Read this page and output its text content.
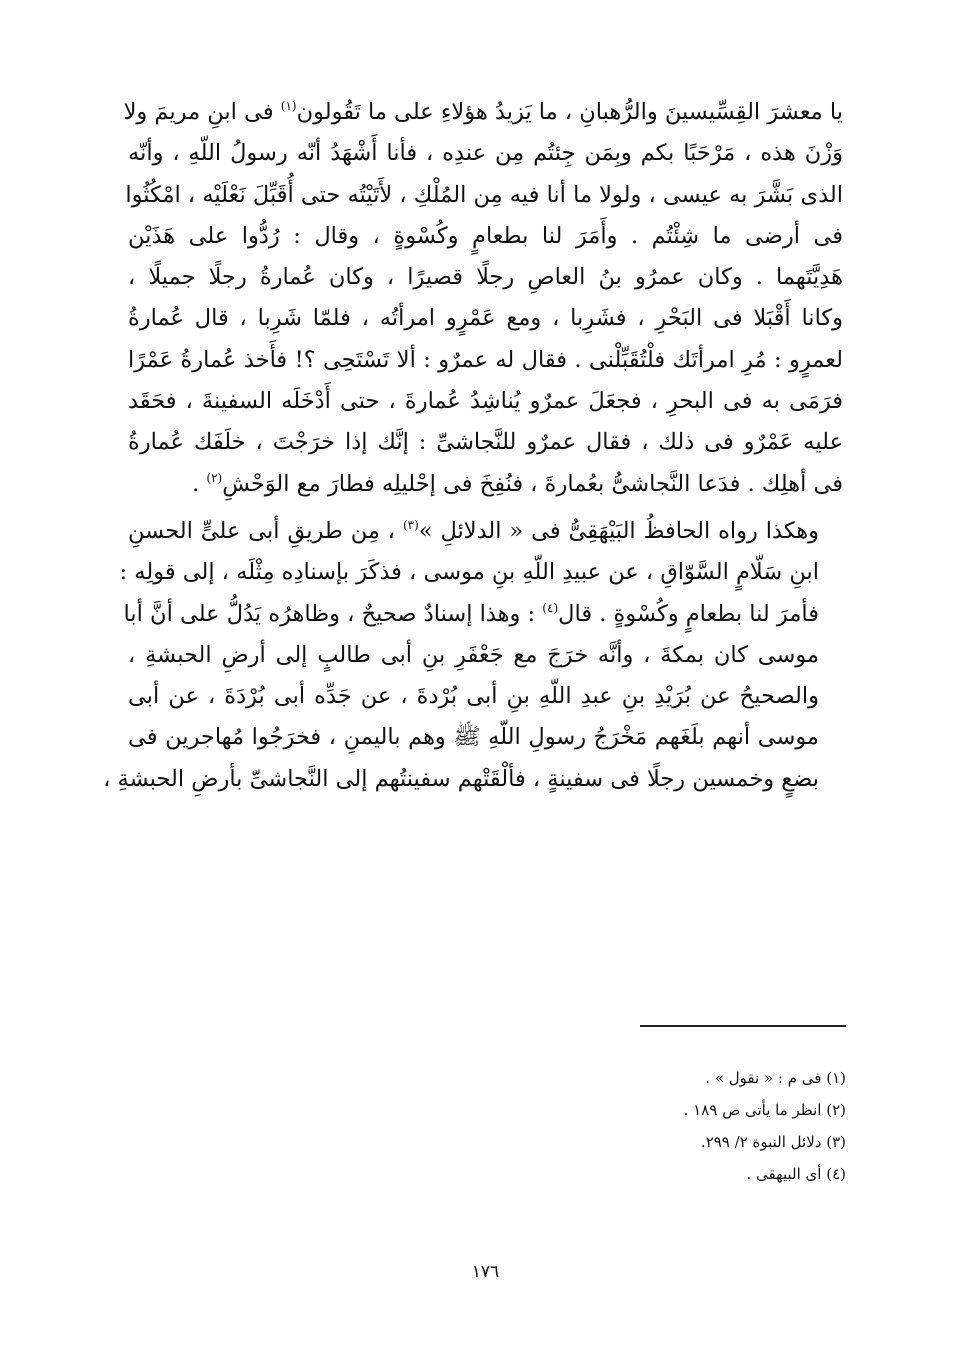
يا معشرَ القِسِّيسينَ والرُّهبانِ ، ما يَزيدُ هؤلاءِ على ما تَقُولون$^{(١)}$ فى ابنِ مريمَ ولا
وَزْنَ هذه ، مَرْحَبًا بكم وبِمَن جِئتُم مِن عندِه ، فأنا أَشْهَدُ أنّه رسولُ اللّهِ ، وأنّه
الذى بَشَّرَ به عيسى ، ولولا ما أنا فيه مِن المُلْكِ ، لأَتَيْتُه حتى أُقَبِّلَ نَعْلَيْه ، امْكُثُوا
فى أرضى ما شِئْتُم . وأَمَرَ لنا بطعامٍ وكُسْوةٍ ، وقال : رُدُّوا على هَذَيْن
هَدِيَّتَهما . وكان عمرُو بنُ العاصِ رجلًا قصيرًا ، وكان عُمارةُ رجلًا جميلًا ،
وكانا أَقْبَلا فى البَحْرِ ، فشَرِبا ، ومع عَمْرٍو امرأتُه ، فلمّا شَرِبا ، قال عُمارةُ
لعمرٍو : مُرِ امرأتَك فلْتُقَبِّلْنى . فقال له عمرٌو : ألا تَسْتَحِى ؟! فأَخذ عُمارةُ عَمْرًا
فرَمَى به فى البحرِ ، فجعَلَ عمرٌو يُناشِدُ عُمارةَ ، حتى أَدْخَلَه السفينةَ ، فحَقَد
عليه عَمْرٌو فى ذلك ، فقال عمرٌو للنَّجاشىِّ : إنَّك إذا خرَجْتَ ، خلَفَك عُمارةُ
فى أهلِك . فدَعا النَّجاشىُّ بعُمارةَ ، فنُفِخَ فى إحْليلِه فطارَ مع الوَحْشِ$^{(٢)}$ .
وهكذا رواه الحافظُ البَيْهَقِىُّ فى « الدلائلِ »$^{(٣)}$ ، مِن طريقِ أبى علىٍّ الحسنِ
ابنِ سَلّامٍ السَّوّاقِ ، عن عبيدِ اللّهِ بنِ موسى ، فذكَرَ بإسنادِه مِثْلَه ، إلى قولِه :
فأمرَ لنا بطعامٍ وكُسْوةٍ . قال$^{(٤)}$ : وهذا إسنادٌ صحيحٌ ، وظاهرُه يَدُلُّ على أنَّ أبا
موسى كان بمكةَ ، وأنَّه خرَجَ مع جَعْفَرِ بنِ أبى طالبٍ إلى أرضِ الحبشةِ ،
والصحيحُ عن بُرَيْدِ بنِ عبدِ اللّهِ بنِ أبى بُرْدةَ ، عن جَدِّه أبى بُرْدَةَ ، عن أبى
موسى أنهم بلَغَهم مَخْرَجُ رسولِ اللّهِ ﷺ وهم باليمنِ ، فخرَجُوا مُهاجرين فى
بضعٍ وخمسين رجلًا فى سفينةٍ ، فألْقَتْهم سفينتُهم إلى النَّجاشىِّ بأرضِ الحبشةِ ،
(١) فى م : « نقول » .
(٢) انظر ما يأتى ص ١٨٩ .
(٣) دلائل النبوة ٢/ ٢٩٩.
(٤) أى البيهقى .
١٧٦
